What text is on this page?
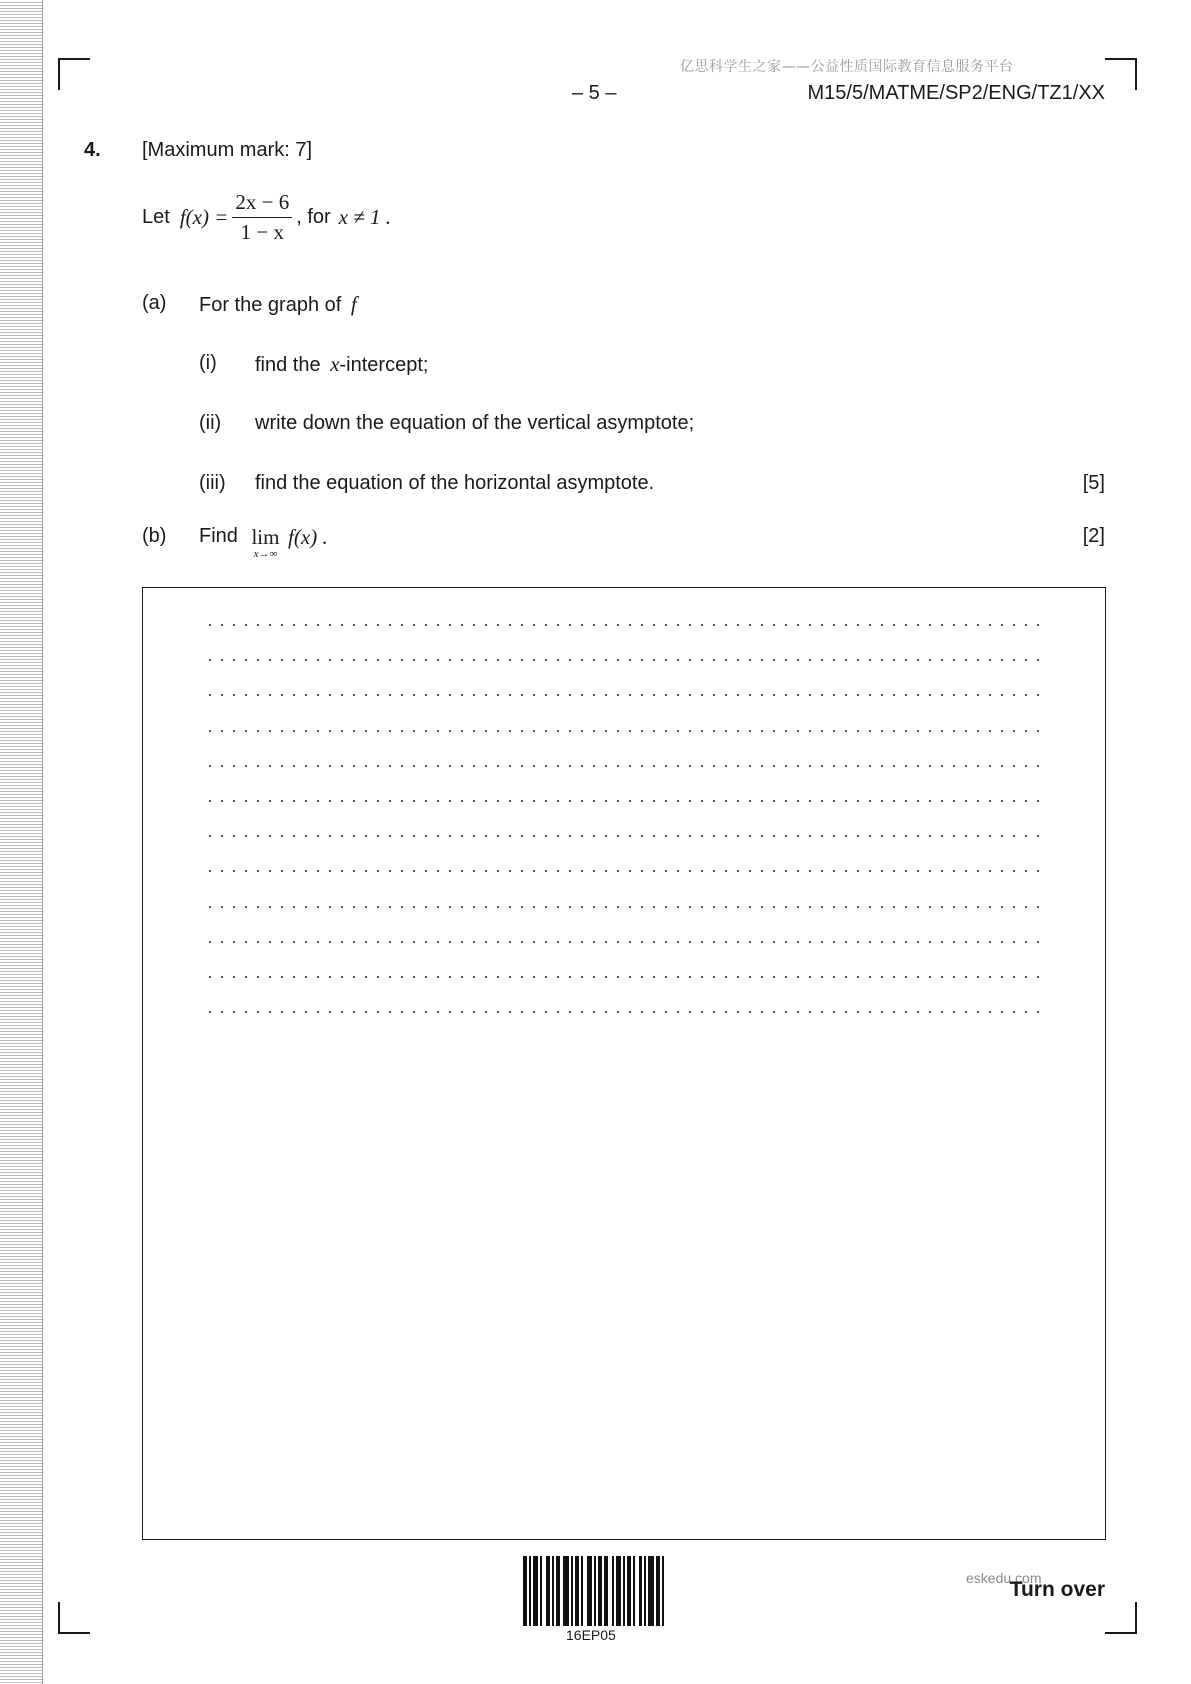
亿思科学生之家——公益性质国际教育信息服务平台
– 5 –	M15/5/MATME/SP2/ENG/TZ1/XX
4. [Maximum mark: 7]
Let $f(x) = \frac{2x - 6}{1 - x}$ , for x ≠ 1 .
(a) For the graph of f
(i) find the x-intercept;
(ii) write down the equation of the vertical asymptote;
(iii) find the equation of the horizontal asymptote.	[5]
(b) Find lim
x→∞
f(x) .	[2]
16EP05
eskedu.com
Turn over
